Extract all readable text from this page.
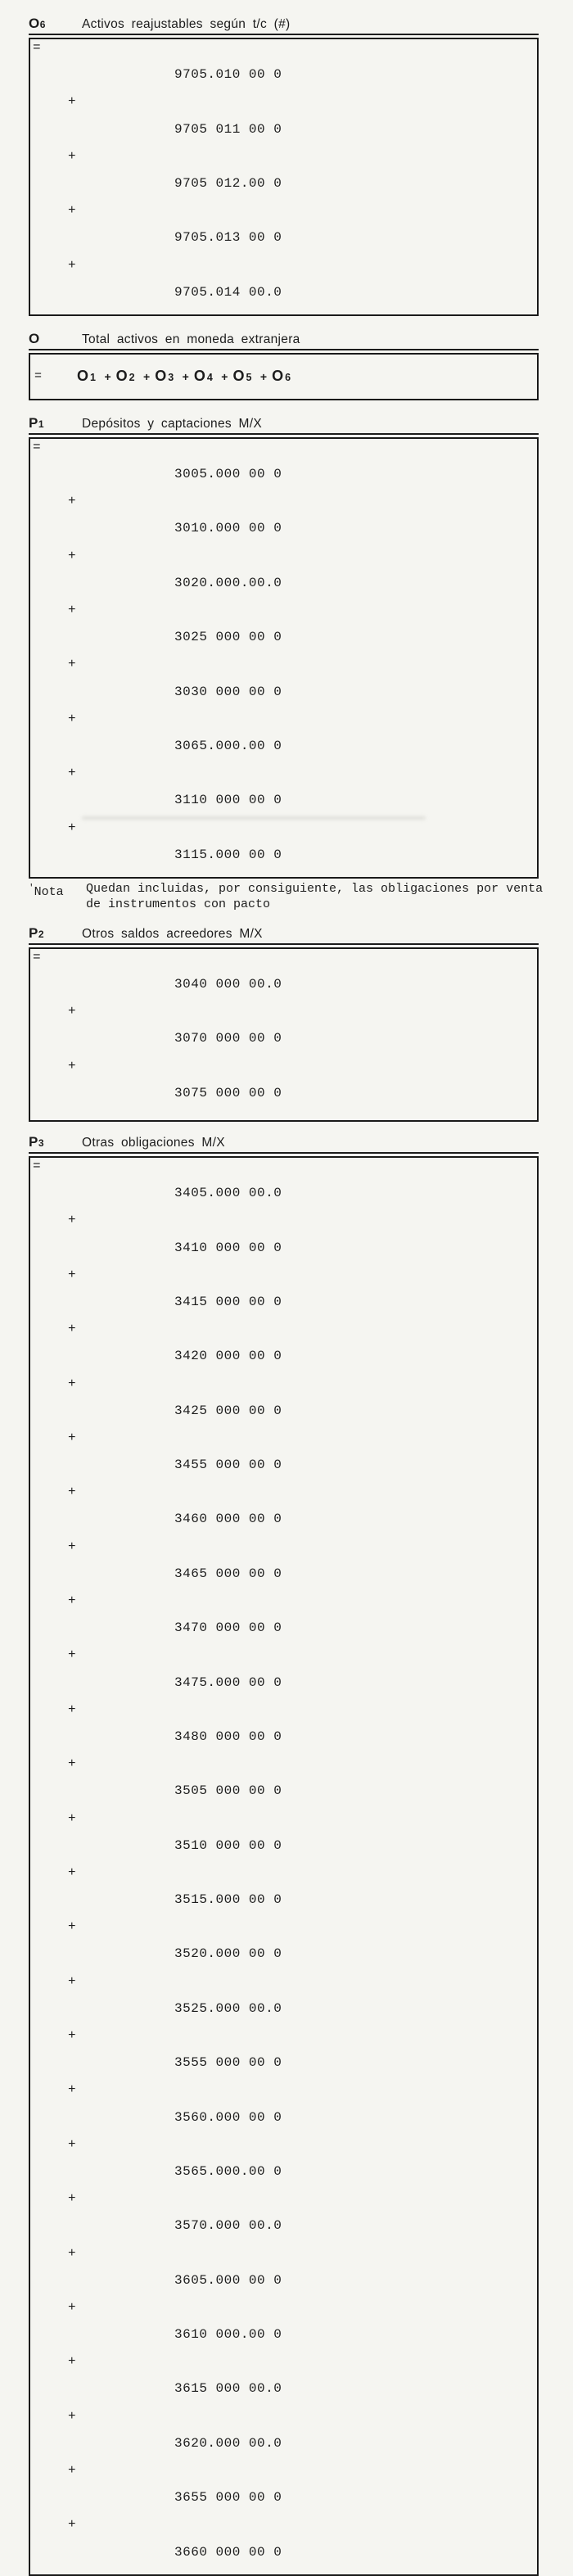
O6	Activos reajustables según t/c (#)

=

9705.010 00 0

+

9705 011 00 0

+

9705 012.00 0

+

9705.013 00 0

+

9705.014 00.0

O	Total activos en moneda extranjera
= O1 + O2 + O3 + O4 + O5 + O6
P1	Depósitos y captaciones M/X

=

3005.000 00 0

+

3010.000 00 0

+

3020.000.00.0

+

3025 000 00 0

+

3030 000 00 0

+

3065.000.00 0

+

3110 000 00 0

+

3115.000 00 0

'Nota	Quedan incluidas, por consiguiente, las obligaciones por venta
de instrumentos con pacto
P2	Otros saldos acreedores M/X

=

3040 000 00.0

+

3070 000 00 0

+

3075 000 00 0

P3	Otras obligaciones M/X

=

3405.000 00.0

+

3410 000 00 0

+

3415 000 00 0

+

3420 000 00 0

+

3425 000 00 0

+

3455 000 00 0

+

3460 000 00 0

+

3465 000 00 0

+

3470 000 00 0

+

3475.000 00 0

+

3480 000 00 0

+

3505 000 00 0

+

3510 000 00 0

+

3515.000 00 0

+

3520.000 00 0

+

3525.000 00.0

+

3555 000 00 0

+

3560.000 00 0

+

3565.000.00 0

+

3570.000 00.0

+

3605.000 00 0

+

3610 000.00 0

+

3615 000 00.0

+

3620.000 00.0

+

3655 000 00 0

+

3660 000 00 0
